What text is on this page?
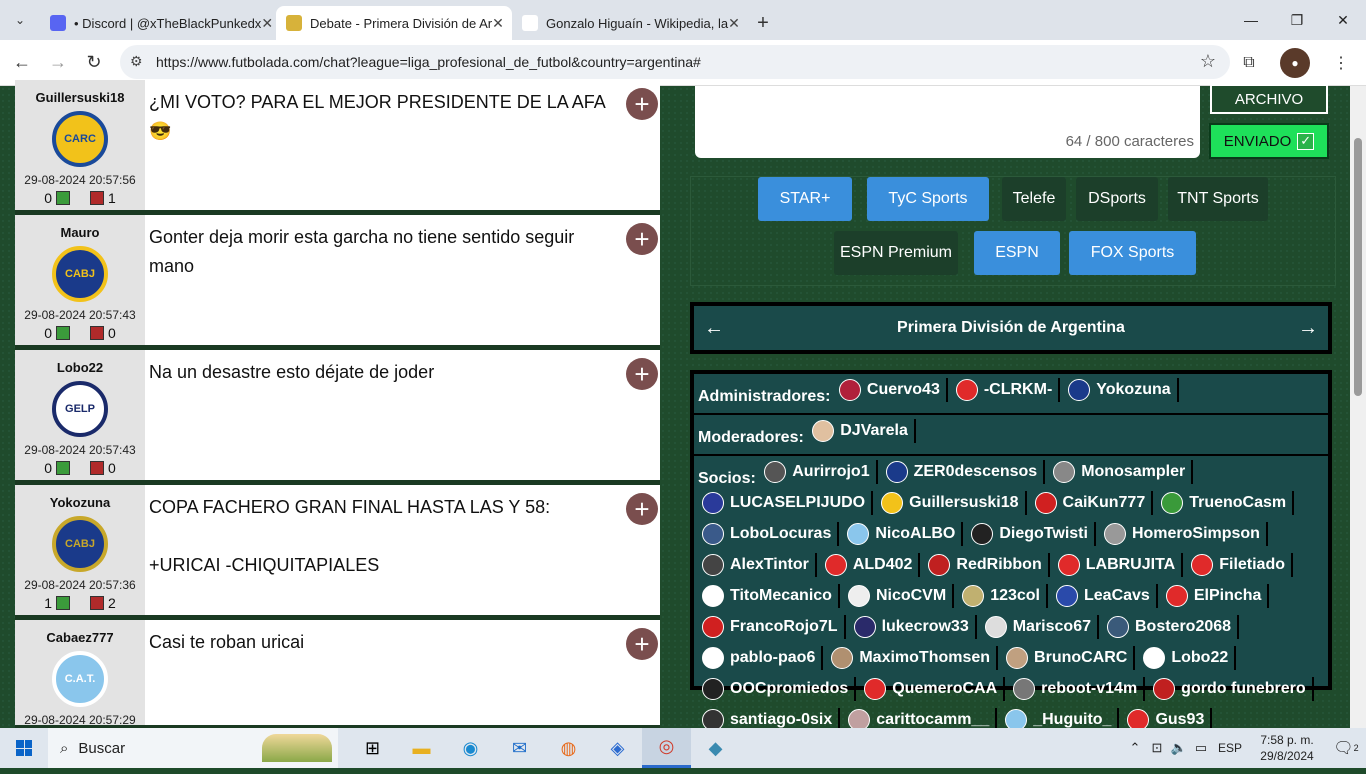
⌄	• Discord | @xTheBlackPunkedx ✕	Debate - Primera División de Ar ✕	Gonzalo Higuaín - Wikipedia, la ✕ +	—	❐	✕
←	→	↻	⚙ https://www.futbolada.com/chat?league=liga_profesional_de_futbol&country=argentina#	☆	⧉	●	⋮
Guillersuski18
CARC
29-08-2024 20:57:56
0	1
¿MI VOTO? PARA EL MEJOR PRESIDENTE DE LA AFA 😎
+
Mauro
CABJ
29-08-2024 20:57:43
0	0
Gonter deja morir esta garcha no tiene sentido seguir mano
+
Lobo22
GELP
29-08-2024 20:57:43
0	0
Na un desastre esto déjate de joder	+
Yokozuna
CABJ
29-08-2024 20:57:36
1	2
COPA FACHERO GRAN FINAL HASTA LAS Y 58:

+URICAI -CHIQUITAPIALES
+
Cabaez777
C.A.T.
29-08-2024 20:57:29
Casi te roban uricai	+
64 / 800 caracteres
ARCHIVO
ENVIADO ✓
STAR+	TyC Sports	Telefe	DSports	TNT Sports
ESPN Premium	ESPN	FOX Sports
←	Primera División de Argentina	→
Administradores: Cuervo43	-CLRKM-	Yokozuna
Moderadores: DJVarela
Socios: Aurirrojo1	ZER0descensos	Monosampler
LUCASELPIJUDO	Guillersuski18	CaiKun777	TruenoCasm
LoboLocuras	NicoALBO	DiegoTwisti	HomeroSimpson
AlexTintor	ALD402	RedRibbon	LABRUJITA	Filetiado
TitoMecanico	NicoCVM	123col	LeaCavs	ElPincha
FrancoRojo7L	lukecrow33	Marisco67	Bostero2068
pablo-pao6	MaximoThomsen	BrunoCARC	Lobo22
OOCpromiedos	QuemeroCAA	reboot-v14m	gordo funebrero
santiago-0six	carittocamm__	_Huguito_	Gus93
⌕ Buscar	⊞	▬	◉	✉	◍	◈	◎	◆	⌃ ⊡ 🔈 ▭ ESP
7:58 p. m.
29/8/2024	🗨 2
